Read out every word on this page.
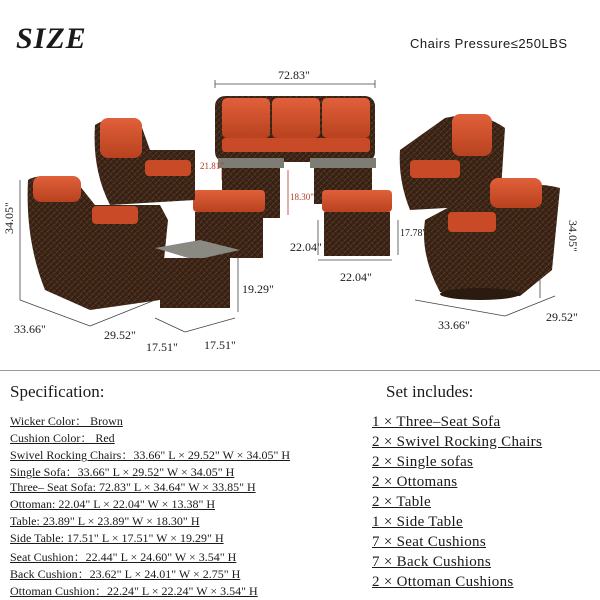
SIZE	Chairs Pressure≤250LBS
72.83"
21.81"
18.30"
17.78"
22.04"
22.04"
34.05"
33.66"	29.52"
19.29"
17.51" 17.51"
33.66"
29.52"
34.05"
Specification:
Wicker Color： Brown
Cushion Color： Red
Swivel Rocking Chairs：33.66" L × 29.52" W × 34.05" H
Single Sofa：33.66" L × 29.52" W × 34.05" H
Three– Seat Sofa: 72.83" L × 34.64" W × 33.85" H
Ottoman: 22.04" L × 22.04" W × 13.38" H
Table: 23.89" L × 23.89" W × 18.30" H
Side Table: 17.51" L × 17.51" W × 19.29" H
Seat Cushion：22.44" L × 24.60" W × 3.54" H
Back Cushion：23.62" L × 24.01" W × 2.75" H
Ottoman Cushion：22.24" L × 22.24" W × 3.54" H
Set includes:
1 × Three–Seat Sofa
2 × Swivel Rocking Chairs
2 × Single sofas
2 × Ottomans
2 × Table
1 × Side Table
7 × Seat Cushions
7 × Back Cushions
2 × Ottoman Cushions
